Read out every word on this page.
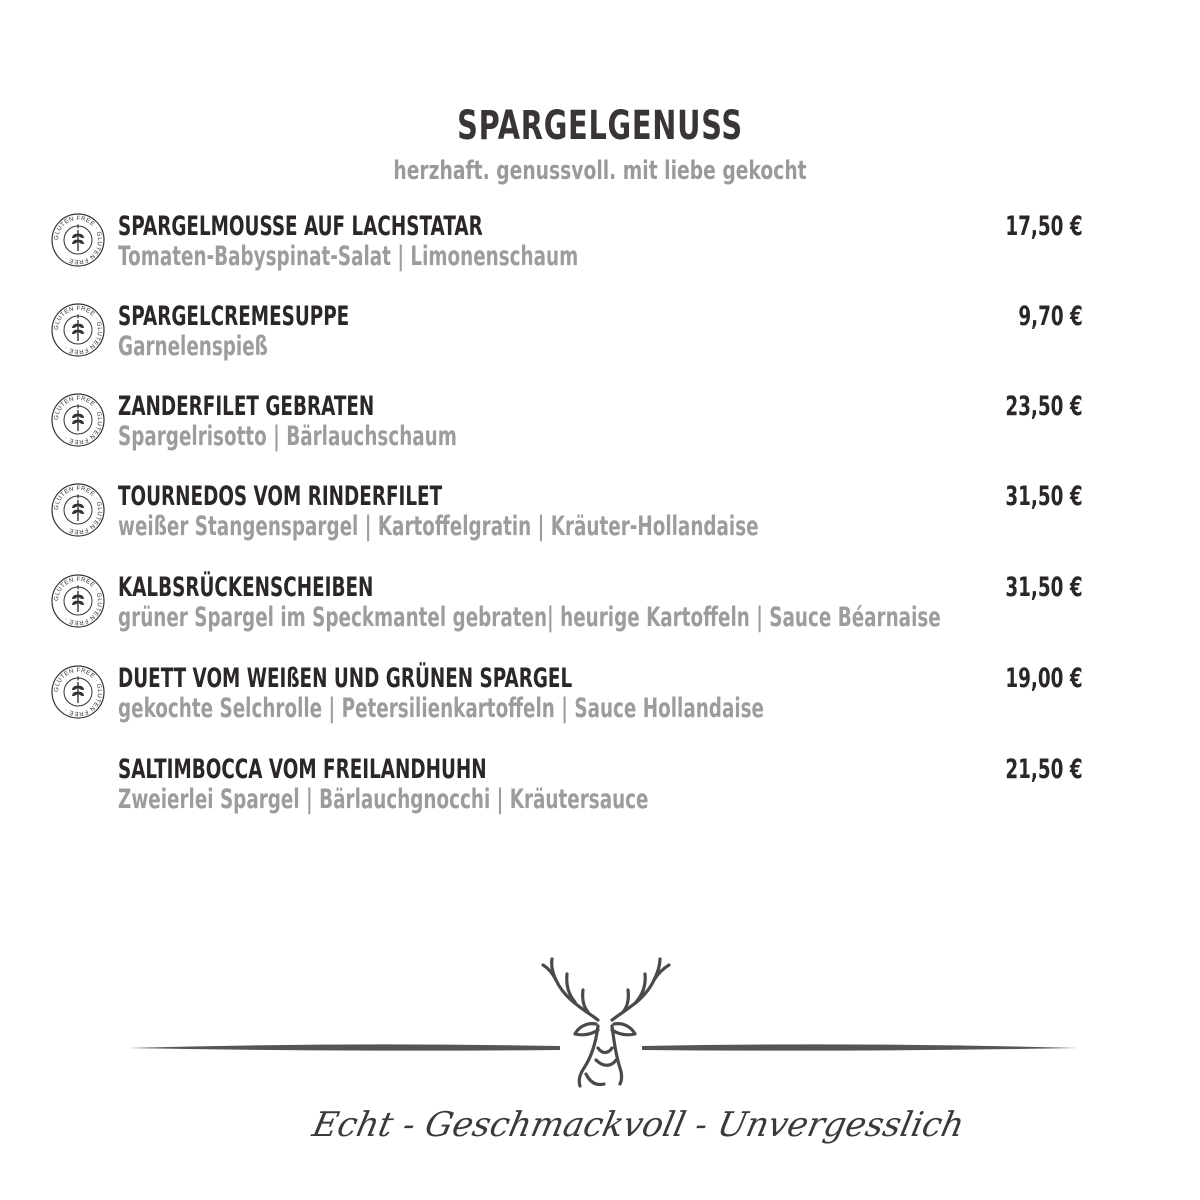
SPARGELGENUSS
herzhaft. genussvoll. mit liebe gekocht
GLUTEN FREE · GLUTEN FREE ·
SPARGELMOUSSE AUF LACHSTATAR
Tomaten-Babyspinat-Salat | Limonenschaum
17,50 €
GLUTEN FREE · GLUTEN FREE ·
SPARGELCREMESUPPE
Garnelenspieß
9,70 €
GLUTEN FREE · GLUTEN FREE ·
ZANDERFILET GEBRATEN
Spargelrisotto | Bärlauchschaum
23,50 €
GLUTEN FREE · GLUTEN FREE ·
TOURNEDOS VOM RINDERFILET
weißer Stangenspargel | Kartoffelgratin | Kräuter-Hollandaise
31,50 €
GLUTEN FREE · GLUTEN FREE ·
KALBSRÜCKENSCHEIBEN
grüner Spargel im Speckmantel gebraten| heurige Kartoffeln | Sauce Béarnaise
31,50 €
GLUTEN FREE · GLUTEN FREE ·
DUETT VOM WEIßEN UND GRÜNEN SPARGEL
gekochte Selchrolle | Petersilienkartoffeln | Sauce Hollandaise
19,00 €
SALTIMBOCCA VOM FREILANDHUHN
Zweierlei Spargel | Bärlauchgnocchi | Kräutersauce
21,50 €
Echt - Geschmackvoll - Unvergesslich
